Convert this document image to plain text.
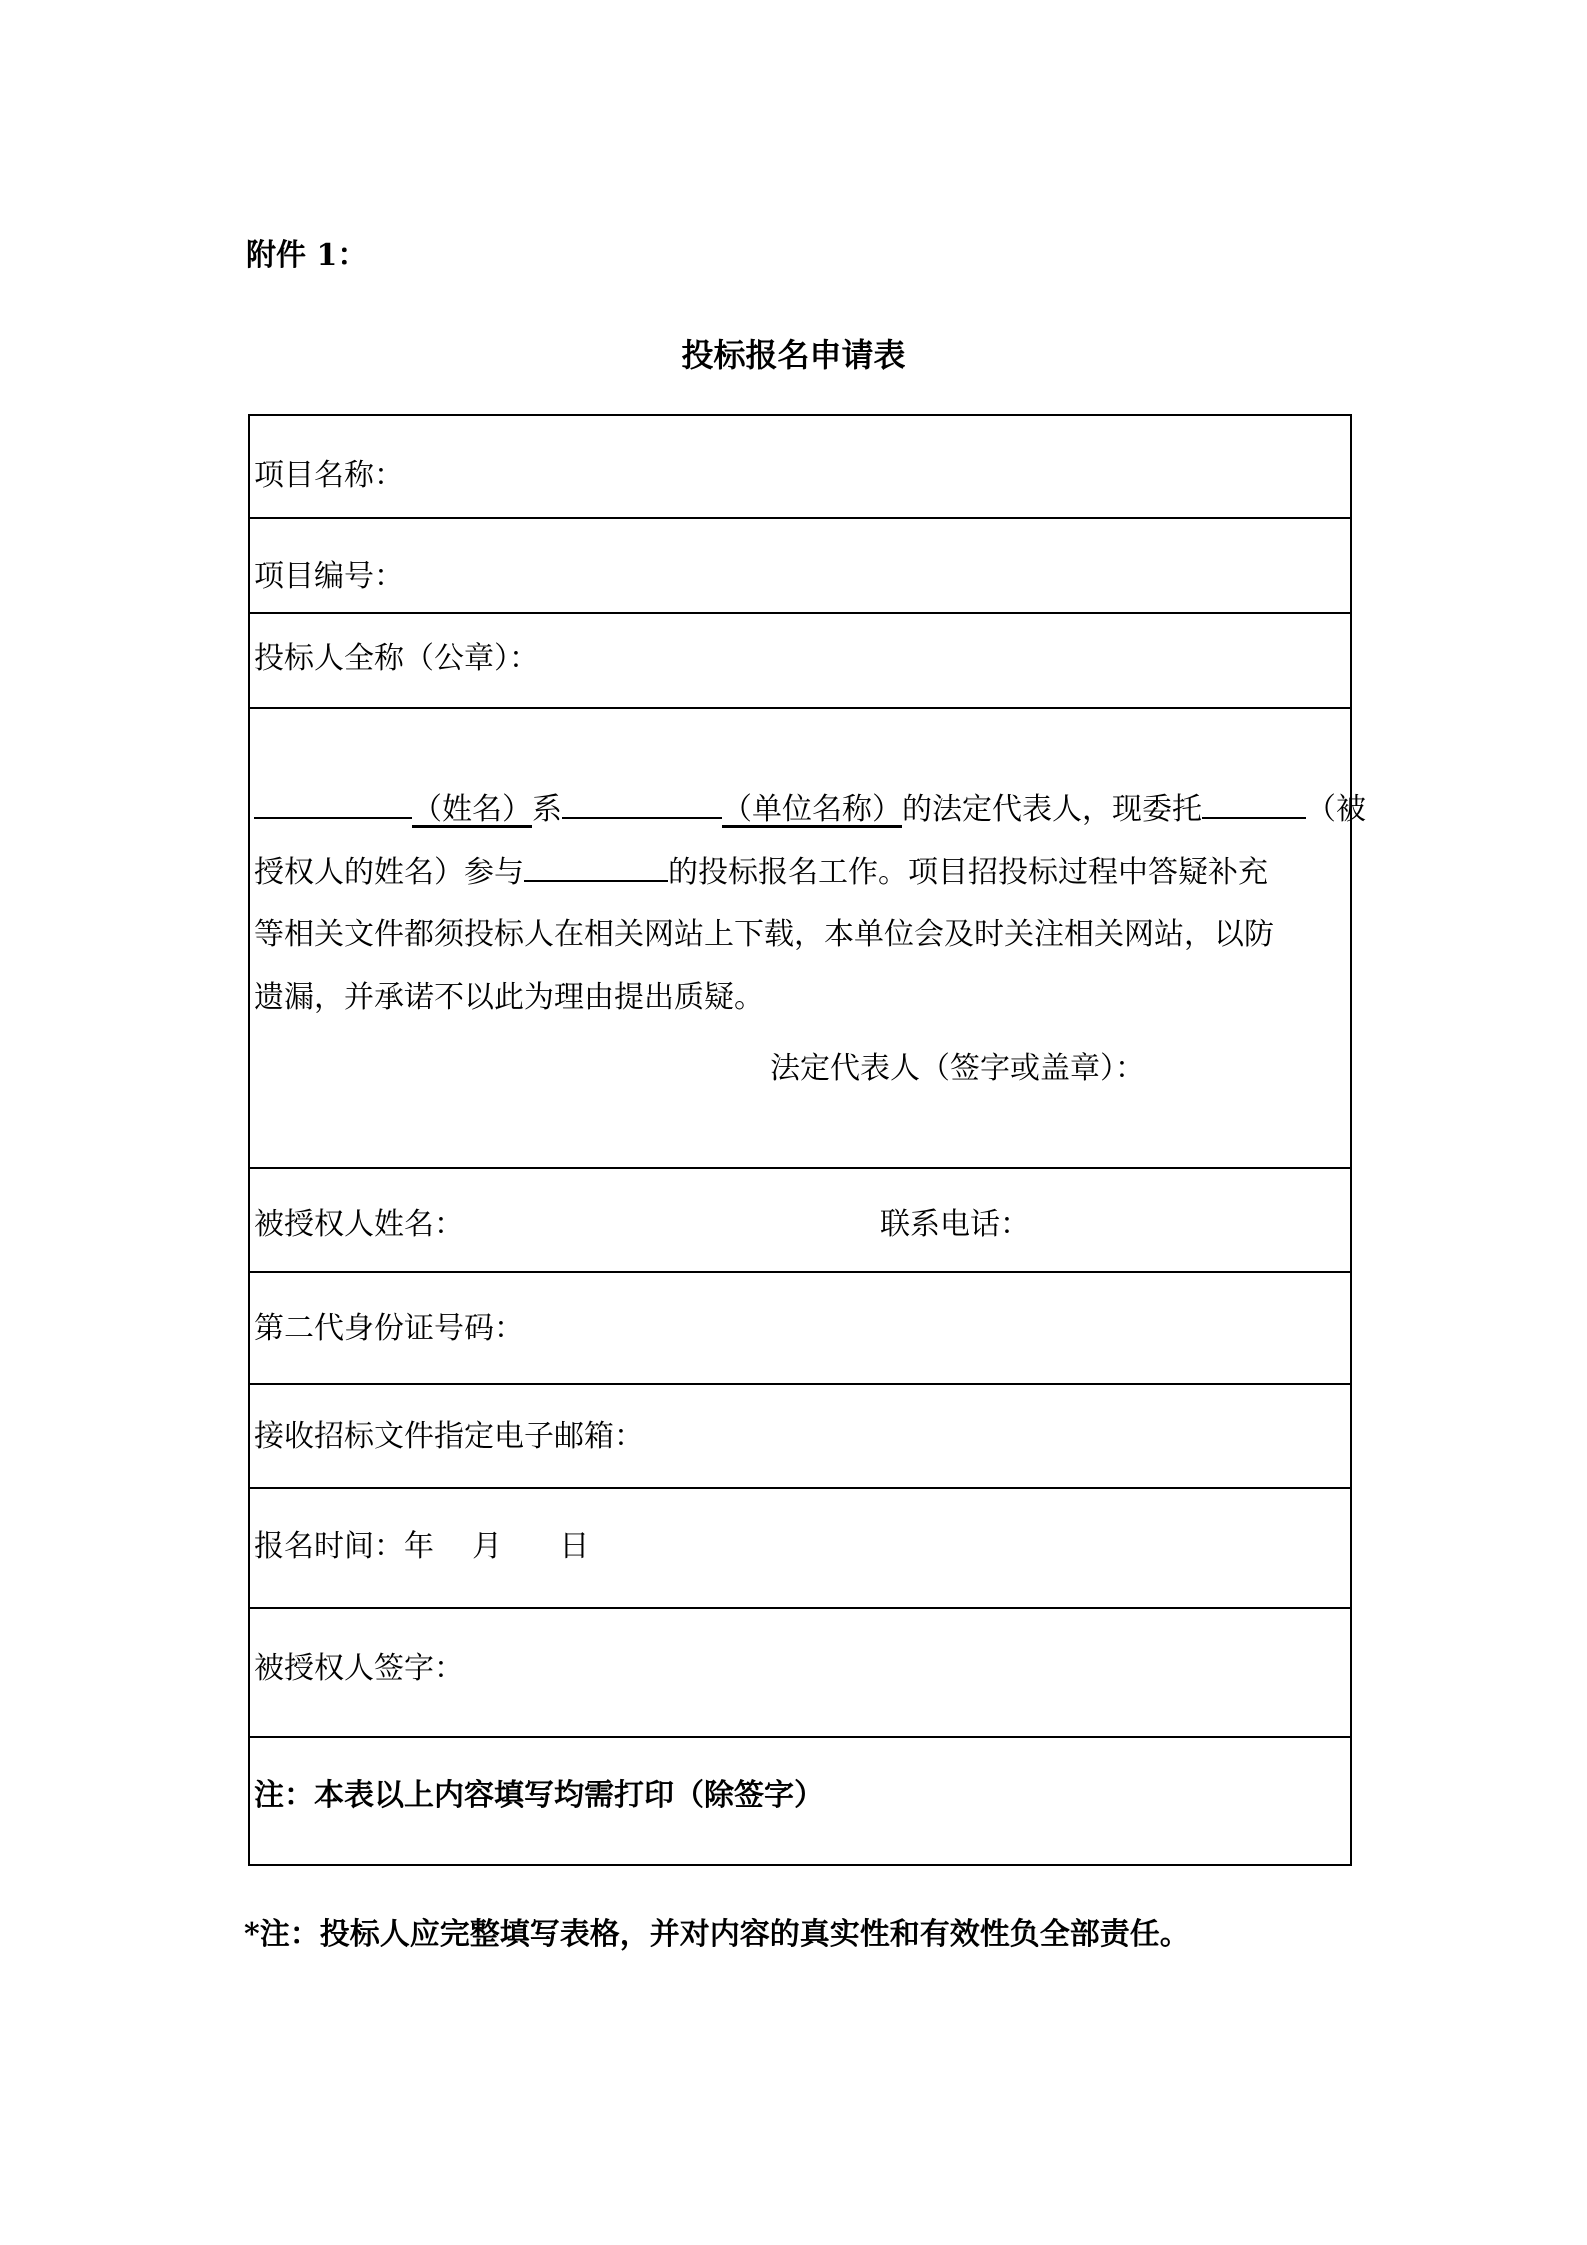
附件 1：
投标报名申请表
项目名称：
项目编号：
投标人全称（公章）：
（姓名）系	（单位名称）的法定代表人，现委托	（被
授权人的姓名）参与	的投标报名工作。项目招投标过程中答疑补充
等相关文件都须投标人在相关网站上下载，本单位会及时关注相关网站，以防
遗漏，并承诺不以此为理由提出质疑。
法定代表人（签字或盖章）：
被授权人姓名：	联系电话：
第二代身份证号码：
接收招标文件指定电子邮箱：
报名时间：年    月      日
被授权人签字：
注：本表以上内容填写均需打印（除签字）
*注：投标人应完整填写表格，并对内容的真实性和有效性负全部责任。
